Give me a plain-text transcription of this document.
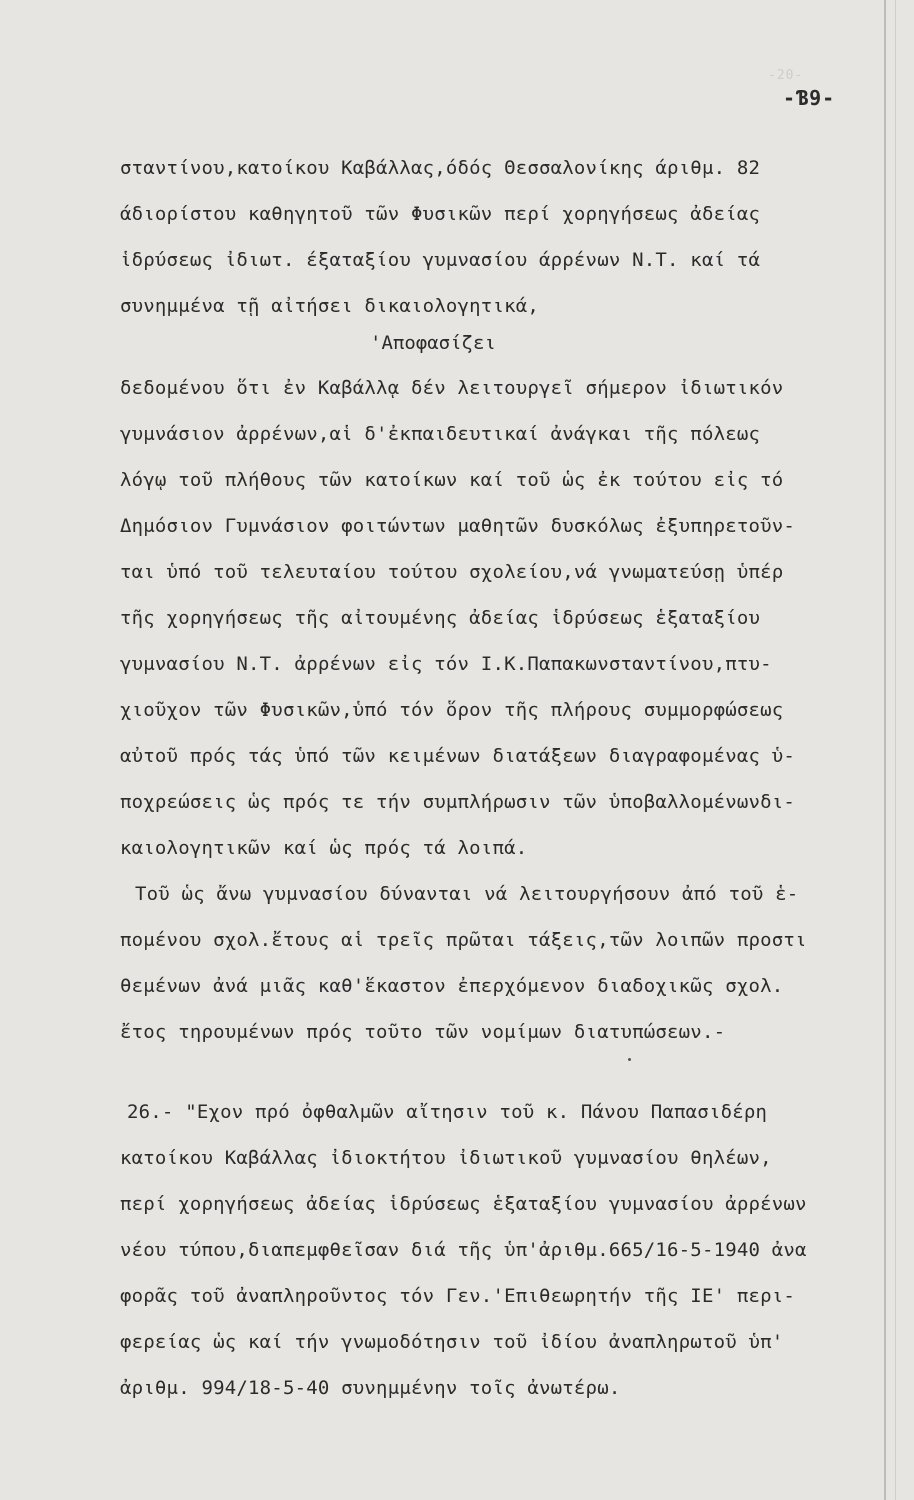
-20-
-Ɓ9-
σταντίνου,κατοίκου Καβάλλας,όδός Θεσσαλονίκης άριθμ. 82
άδιορίστου καθηγητοῦ τῶν Φυσικῶν περί χορηγήσεως ἀδείας
ἱδρύσεως ἰδιωτ. έξαταξίου γυμνασίου άρρένων Ν.Τ. καί τά
συνημμένα τῇ αἰτήσει δικαιολογητικά,
'Αποφασίζει
δεδομένου ὅτι ἐν Καβάλλᾳ δέν λειτουργεῖ σήμερον ἰδιωτικόν
γυμνάσιον ἀρρένων,αἱ δ'ἐκπαιδευτικαί ἀνάγκαι τῆς πόλεως
λόγῳ τοῦ πλήθους τῶν κατοίκων καί τοῦ ὡς ἐκ τούτου εἰς τό
Δημόσιον Γυμνάσιον φοιτώντων μαθητῶν δυσκόλως ἐξυπηρετοῦν-
ται ὑπό τοῦ τελευταίου τούτου σχολείου,νά γνωματεύσῃ ὑπέρ
τῆς χορηγήσεως τῆς αἰτουμένης ἀδείας ἱδρύσεως ἑξαταξίου
γυμνασίου Ν.Τ. ἀρρένων εἰς τόν Ι.Κ.Παπακωνσταντίνου,πτυ-
χιοῦχον τῶν Φυσικῶν,ὑπό τόν ὅρον τῆς πλήρους συμμορφώσεως
αὐτοῦ πρός τάς ὑπό τῶν κειμένων διατάξεων διαγραφομένας ὑ-
ποχρεώσεις ὡς πρός τε τήν συμπλήρωσιν τῶν ὑποβαλλομένωνδι-
καιολογητικῶν καί ὡς πρός τά λοιπά.
Τοῦ ὡς ἄνω γυμνασίου δύνανται νά λειτουργήσουν ἀπό τοῦ ἑ-
πομένου σχολ.ἔτους αἱ τρεῖς πρῶται τάξεις,τῶν λοιπῶν προστι
θεμένων ἀνά μιᾶς καθ'ἕκαστον ἐπερχόμενον διαδοχικῶς σχολ.
ἔτος τηρουμένων πρός τοῦτο τῶν νομίμων διατυπώσεων.-
26.- "Εχον πρό ὀφθαλμῶν αἴτησιν τοῦ κ. Πάνου Παπασιδέρη
κατοίκου Καβάλλας ἰδιοκτήτου ἰδιωτικοῦ γυμνασίου θηλέων,
περί χορηγήσεως ἀδείας ἱδρύσεως ἑξαταξίου γυμνασίου ἀρρένων
νέου τύπου,διαπεμφθεῖσαν διά τῆς ὑπ'ἀριθμ.665/16-5-1940 ἀνα
φορᾶς τοῦ ἀναπληροῦντος τόν Γεν.'Επιθεωρητήν τῆς ΙΕ' περι-
φερείας ὡς καί τήν γνωμοδότησιν τοῦ ἰδίου ἀναπληρωτοῦ ὑπ'
ἀριθμ. 994/18-5-40 συνημμένην τοῖς ἀνωτέρω.
